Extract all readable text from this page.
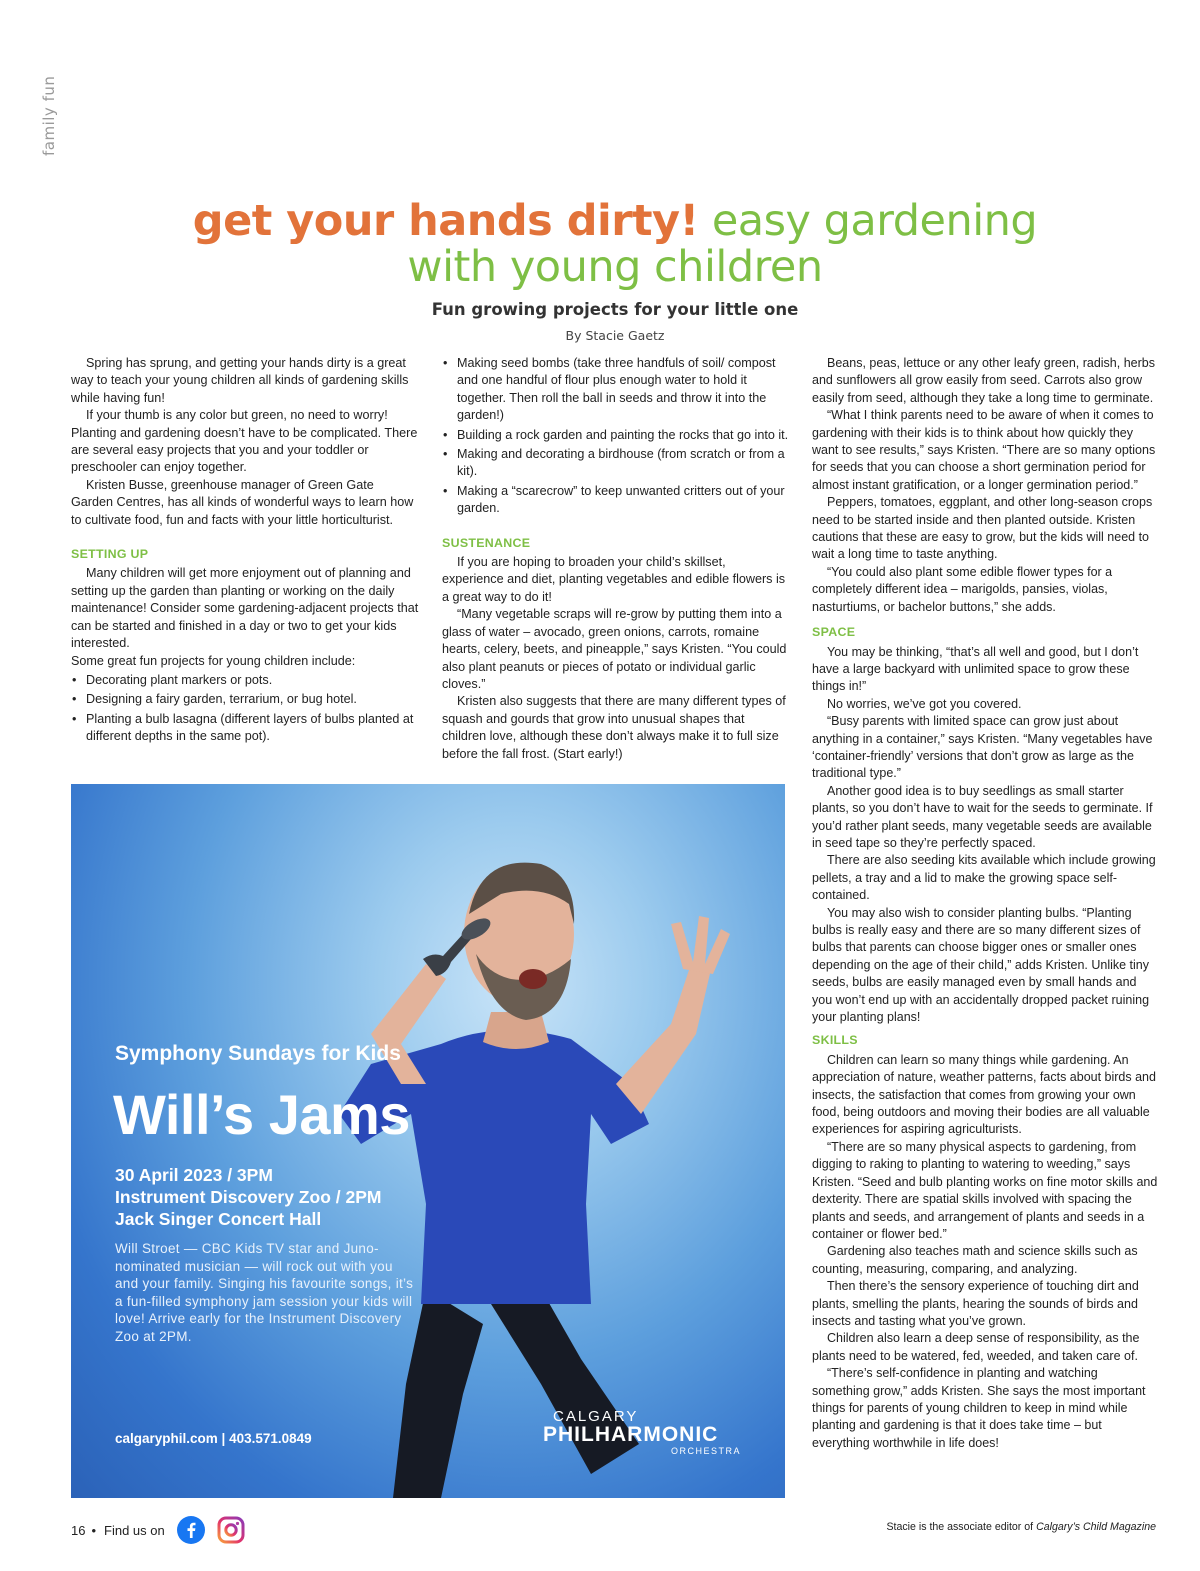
family fun
get your hands dirty! easy gardening
with young children
Fun growing projects for your little one
By Stacie Gaetz

Spring has sprung, and getting your hands dirty is a great way to teach your young children all kinds of gardening skills while having fun!

If your thumb is any color but green, no need to worry! Planting and gardening doesn’t have to be complicated. There are several easy projects that you and your toddler or preschooler can enjoy together.

Kristen Busse, greenhouse manager of Green Gate Garden Centres, has all kinds of wonderful ways to learn how to cultivate food, fun and facts with your little horticulturist.

SETTING UP

Many children will get more enjoyment out of planning and setting up the garden than planting or working on the daily maintenance! Consider some gardening-adjacent projects that can be started and finished in a day or two to get your kids interested.

Some great fun projects for young children include:

• Decorating plant markers or pots.
• Designing a fairy garden, terrarium, or bug hotel.
• Planting a bulb lasagna (different layers of bulbs planted at different depths in the same pot).
• Making seed bombs (take three handfuls of soil/ compost and one handful of flour plus enough water to hold it together. Then roll the ball in seeds and throw it into the garden!)
• Building a rock garden and painting the rocks that go into it.
• Making and decorating a birdhouse (from scratch or from a kit).
• Making a “scarecrow” to keep unwanted critters out of your garden.
SUSTENANCE

If you are hoping to broaden your child’s skillset, experience and diet, planting vegetables and edible flowers is a great way to do it!

“Many vegetable scraps will re-grow by putting them into a glass of water – avocado, green onions, carrots, romaine hearts, celery, beets, and pineapple,” says Kristen. “You could also plant peanuts or pieces of potato or individual garlic cloves.”

Kristen also suggests that there are many different types of squash and gourds that grow into unusual shapes that children love, although these don’t always make it to full size before the fall frost. (Start early!)

Beans, peas, lettuce or any other leafy green, radish, herbs and sunflowers all grow easily from seed. Carrots also grow easily from seed, although they take a long time to germinate.

“What I think parents need to be aware of when it comes to gardening with their kids is to think about how quickly they want to see results,” says Kristen. “There are so many options for seeds that you can choose a short germination period for almost instant gratification, or a longer germination period.”

Peppers, tomatoes, eggplant, and other long-season crops need to be started inside and then planted outside. Kristen cautions that these are easy to grow, but the kids will need to wait a long time to taste anything.

“You could also plant some edible flower types for a completely different idea – marigolds, pansies, violas, nasturtiums, or bachelor buttons,” she adds.

SPACE

You may be thinking, “that’s all well and good, but I don’t have a large backyard with unlimited space to grow these things in!”

No worries, we’ve got you covered.

“Busy parents with limited space can grow just about anything in a container,” says Kristen. “Many vegetables have ‘container-friendly’ versions that don’t grow as large as the traditional type.”

Another good idea is to buy seedlings as small starter plants, so you don’t have to wait for the seeds to germinate. If you’d rather plant seeds, many vegetable seeds are available in seed tape so they’re perfectly spaced.

There are also seeding kits available which include growing pellets, a tray and a lid to make the growing space self-contained.

You may also wish to consider planting bulbs. “Planting bulbs is really easy and there are so many different sizes of bulbs that parents can choose bigger ones or smaller ones depending on the age of their child,” adds Kristen. Unlike tiny seeds, bulbs are easily managed even by small hands and you won’t end up with an accidentally dropped packet ruining your planting plans!

SKILLS

Children can learn so many things while gardening. An appreciation of nature, weather patterns, facts about birds and insects, the satisfaction that comes from growing your own food, being outdoors and moving their bodies are all valuable experiences for aspiring agriculturists.

“There are so many physical aspects to gardening, from digging to raking to planting to watering to weeding,” says Kristen. “Seed and bulb planting works on fine motor skills and dexterity. There are spatial skills involved with spacing the plants and seeds, and arrangement of plants and seeds in a container or flower bed.”

Gardening also teaches math and science skills such as counting, measuring, comparing, and analyzing.

Then there’s the sensory experience of touching dirt and plants, smelling the plants, hearing the sounds of birds and insects and tasting what you’ve grown.

Children also learn a deep sense of responsibility, as the plants need to be watered, fed, weeded, and taken care of.

“There’s self-confidence in planting and watching something grow,” adds Kristen. She says the most important things for parents of young children to keep in mind while planting and gardening is that it does take time – but everything worthwhile in life does!

Symphony Sundays for Kids
Will’s Jams
30 April 2023 / 3PM
Instrument Discovery Zoo / 2PM
Jack Singer Concert Hall
Will Stroet — CBC Kids TV star and Juno-nominated musician — will rock out with you and your family. Singing his favourite songs, it’s a fun-filled symphony jam session your kids will love! Arrive early for the Instrument Discovery Zoo at 2PM.
calgaryphil.com | 403.571.0849
CALGARY
PHILHARMONIC
ORCHESTRA
Stacie is the associate editor of Calgary’s Child Magazine
16 • Find us on
